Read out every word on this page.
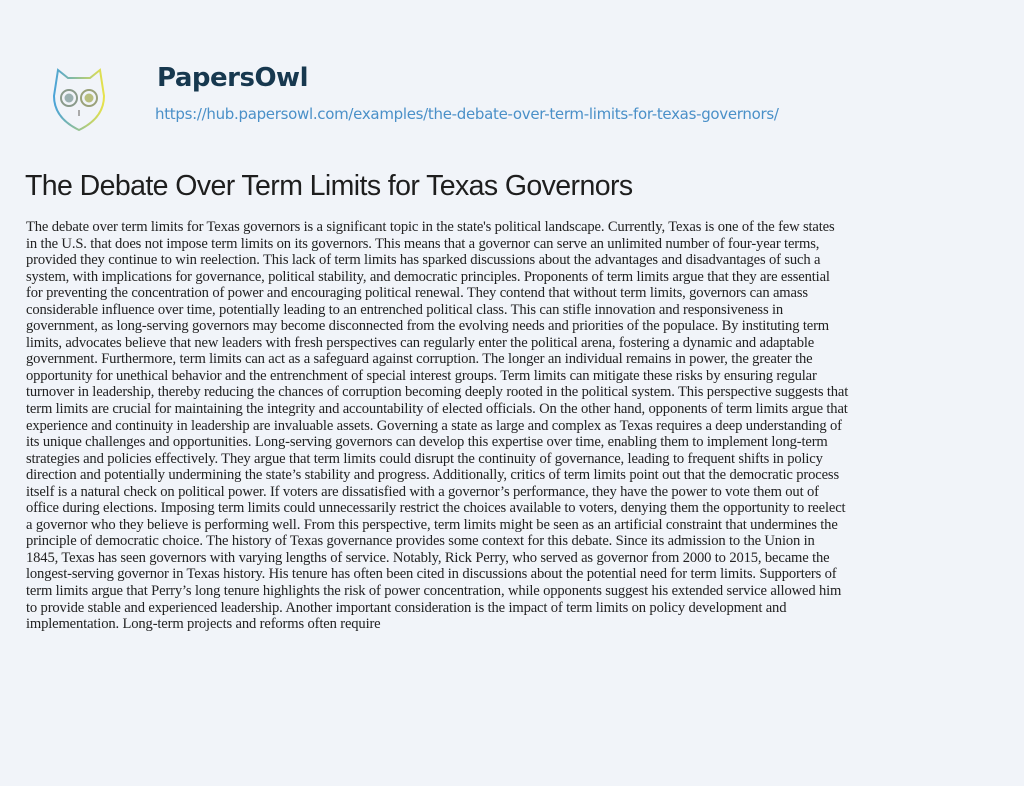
PapersOwl
https://hub.papersowl.com/examples/the-debate-over-term-limits-for-texas-governors/
The Debate Over Term Limits for Texas Governors
The debate over term limits for Texas governors is a significant topic in the state's political landscape. Currently, Texas is one of the few states
in the U.S. that does not impose term limits on its governors. This means that a governor can serve an unlimited number of four-year terms,
provided they continue to win reelection. This lack of term limits has sparked discussions about the advantages and disadvantages of such a
system, with implications for governance, political stability, and democratic principles. Proponents of term limits argue that they are essential
for preventing the concentration of power and encouraging political renewal. They contend that without term limits, governors can amass
considerable influence over time, potentially leading to an entrenched political class. This can stifle innovation and responsiveness in
government, as long-serving governors may become disconnected from the evolving needs and priorities of the populace. By instituting term
limits, advocates believe that new leaders with fresh perspectives can regularly enter the political arena, fostering a dynamic and adaptable
government. Furthermore, term limits can act as a safeguard against corruption. The longer an individual remains in power, the greater the
opportunity for unethical behavior and the entrenchment of special interest groups. Term limits can mitigate these risks by ensuring regular
turnover in leadership, thereby reducing the chances of corruption becoming deeply rooted in the political system. This perspective suggests that
term limits are crucial for maintaining the integrity and accountability of elected officials. On the other hand, opponents of term limits argue that
experience and continuity in leadership are invaluable assets. Governing a state as large and complex as Texas requires a deep understanding of
its unique challenges and opportunities. Long-serving governors can develop this expertise over time, enabling them to implement long-term
strategies and policies effectively. They argue that term limits could disrupt the continuity of governance, leading to frequent shifts in policy
direction and potentially undermining the state’s stability and progress. Additionally, critics of term limits point out that the democratic process
itself is a natural check on political power. If voters are dissatisfied with a governor’s performance, they have the power to vote them out of
office during elections. Imposing term limits could unnecessarily restrict the choices available to voters, denying them the opportunity to reelect
a governor who they believe is performing well. From this perspective, term limits might be seen as an artificial constraint that undermines the
principle of democratic choice. The history of Texas governance provides some context for this debate. Since its admission to the Union in
1845, Texas has seen governors with varying lengths of service. Notably, Rick Perry, who served as governor from 2000 to 2015, became the
longest-serving governor in Texas history. His tenure has often been cited in discussions about the potential need for term limits. Supporters of
term limits argue that Perry’s long tenure highlights the risk of power concentration, while opponents suggest his extended service allowed him
to provide stable and experienced leadership. Another important consideration is the impact of term limits on policy development and
implementation. Long-term projects and reforms often require
